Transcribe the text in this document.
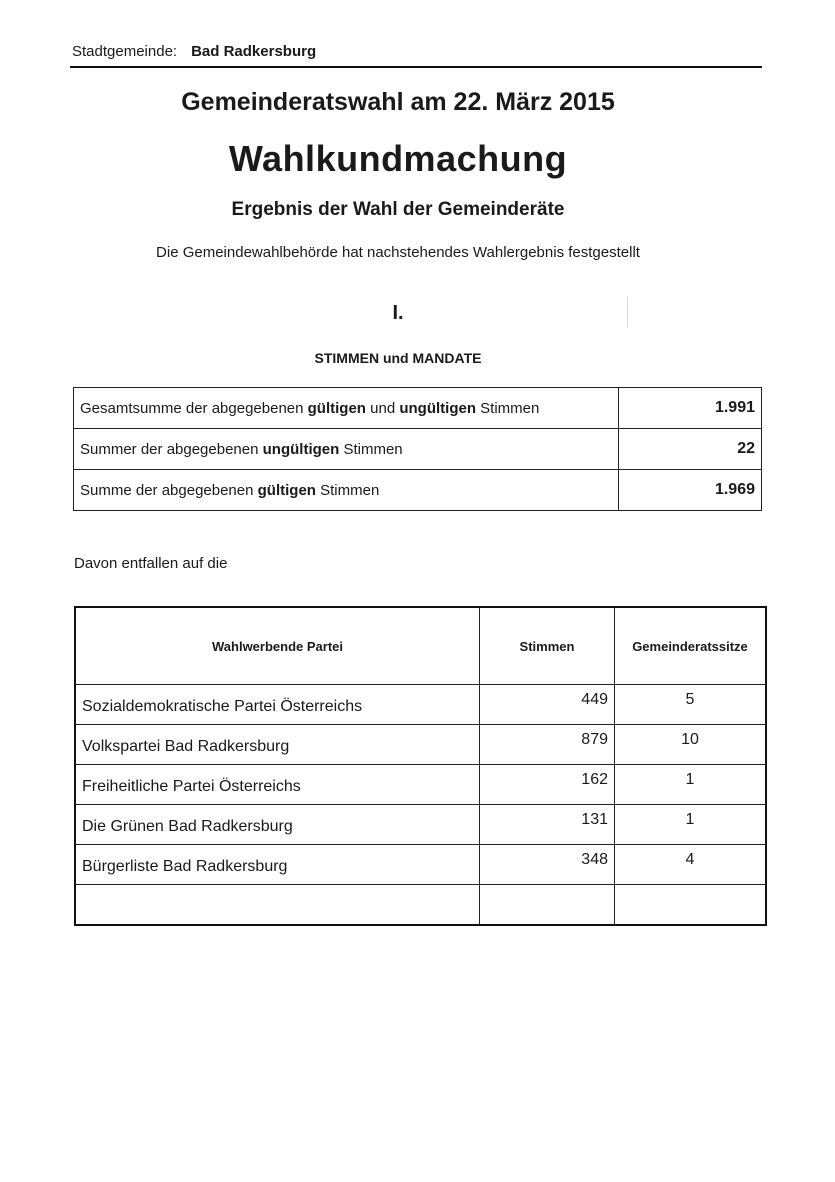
Stadtgemeinde: Bad Radkersburg
Gemeinderatswahl am 22. März 2015
Wahlkundmachung
Ergebnis der Wahl der Gemeinderäte
Die Gemeindewahlbehörde hat nachstehendes Wahlergebnis festgestellt
I.
STIMMEN und MANDATE
Gesamtsumme der abgegebenen gültigen und ungültigen Stimmen	1.991
Summer der abgegebenen ungültigen Stimmen	22
Summe der abgegebenen gültigen Stimmen	1.969
Davon entfallen auf die
Wahlwerbende Partei	Stimmen	Gemeinderatssitze
Sozialdemokratische Partei Österreichs	449	5
Volkspartei Bad Radkersburg	879	10
Freiheitliche Partei Österreichs	162	1
Die Grünen Bad Radkersburg	131	1
Bürgerliste Bad Radkersburg	348	4
